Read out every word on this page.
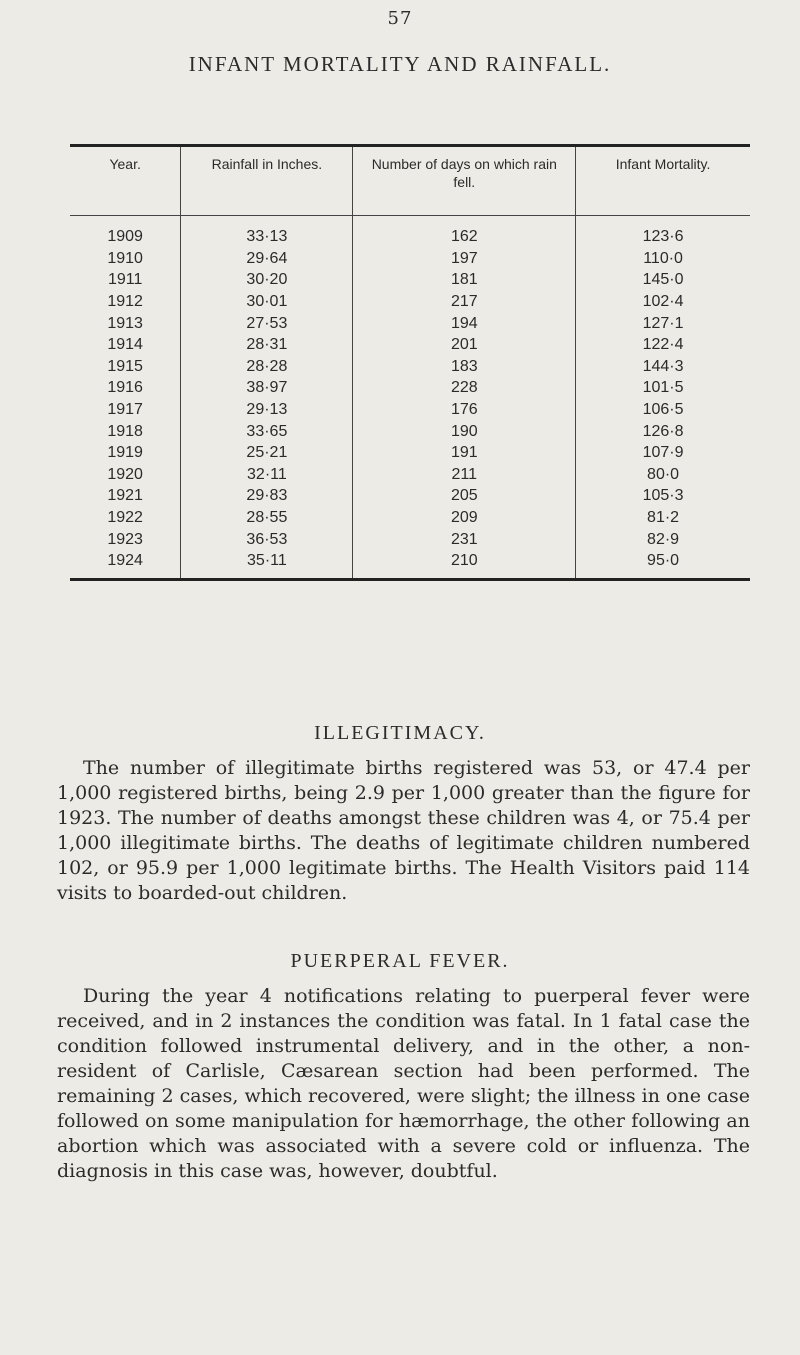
57
INFANT MORTALITY AND RAINFALL.
Year.	Rainfall in Inches.	Number of days on which rain fell.	Infant Mortality.
1909	33·13	162	123·6
1910	29·64	197	110·0
1911	30·20	181	145·0
1912	30·01	217	102·4
1913	27·53	194	127·1
1914	28·31	201	122·4
1915	28·28	183	144·3
1916	38·97	228	101·5
1917	29·13	176	106·5
1918	33·65	190	126·8
1919	25·21	191	107·9
1920	32·11	211	80·0
1921	29·83	205	105·3
1922	28·55	209	81·2
1923	36·53	231	82·9
1924	35·11	210	95·0
ILLEGITIMACY.

The number of illegitimate births registered was 53, or 47.4 per 1,000 registered births, being 2.9 per 1,000 greater than the figure for 1923. The number of deaths amongst these children was 4, or 75.4 per 1,000 illegitimate births. The deaths of legitimate children numbered 102, or 95.9 per 1,000 legitimate births. The Health Visitors paid 114 visits to boarded-out children.

PUERPERAL FEVER.

During the year 4 notifications relating to puerperal fever were received, and in 2 instances the condition was fatal. In 1 fatal case the condition followed instrumental delivery, and in the other, a non-resident of Carlisle, Cæsarean section had been performed. The remaining 2 cases, which recovered, were slight; the illness in one case followed on some manipulation for hæmorrhage, the other following an abortion which was associated with a severe cold or influenza. The diagnosis in this case was, however, doubtful.
